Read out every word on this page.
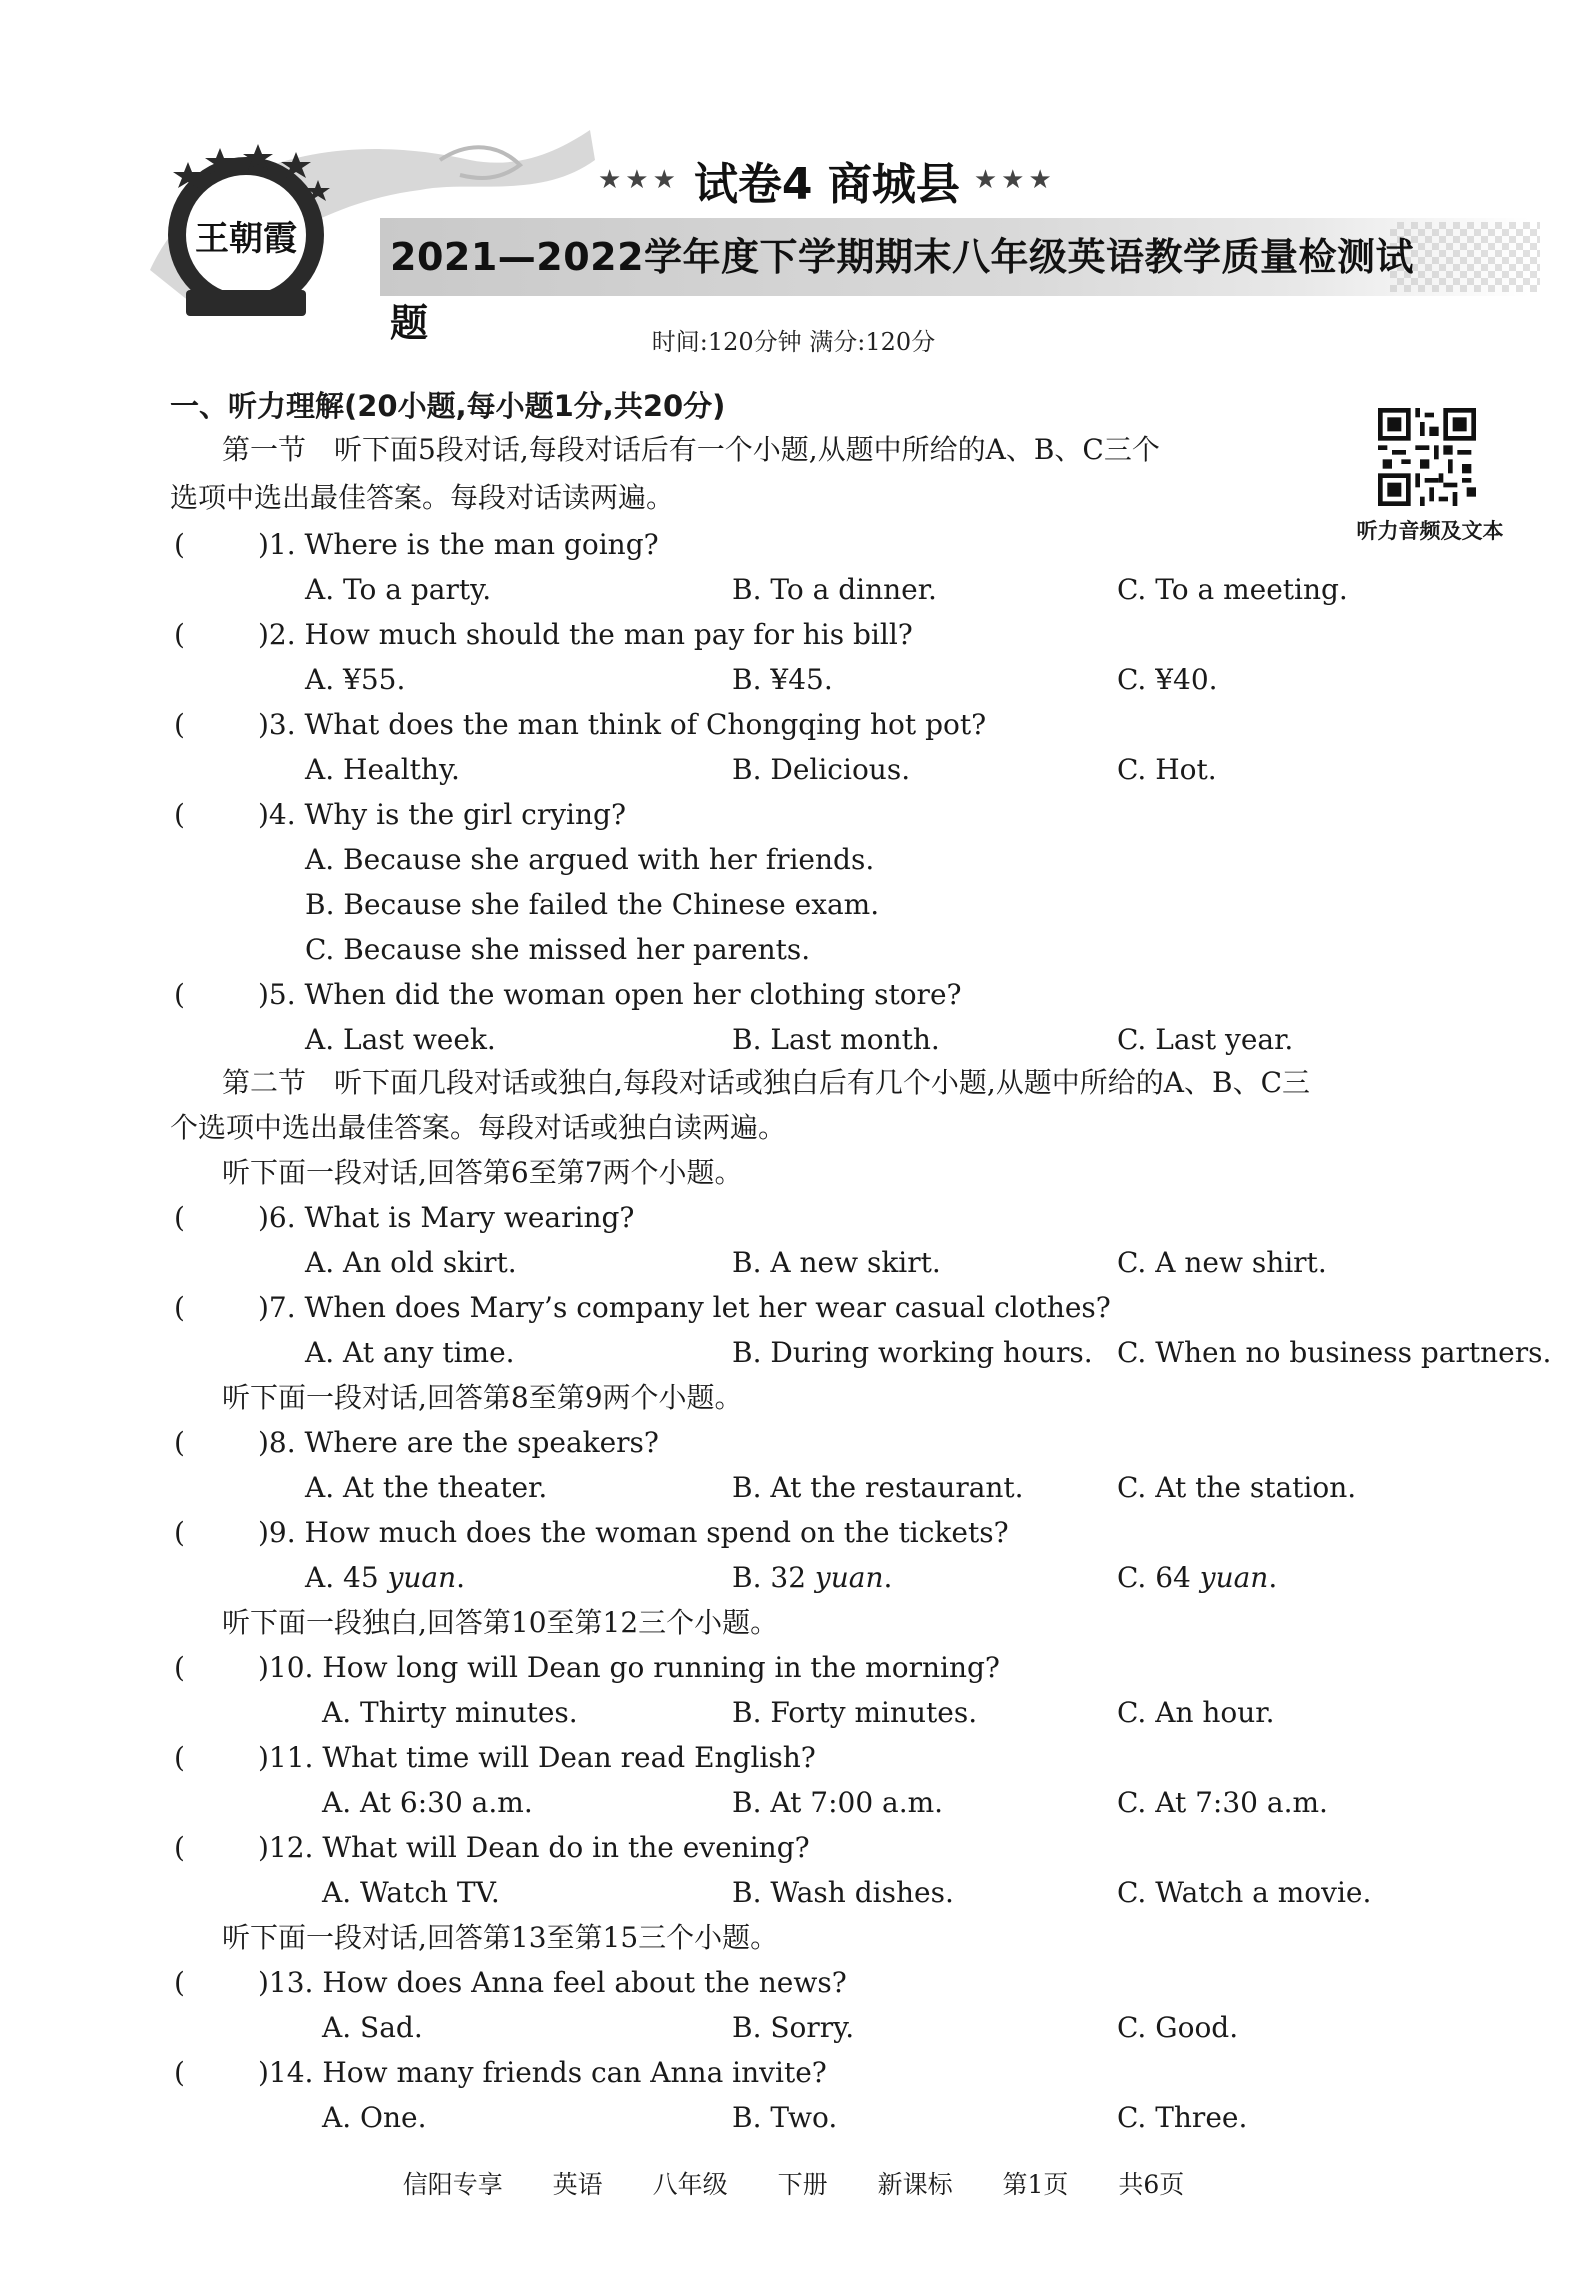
王朝霞
★★★ 试卷4 商城县 ★★★
2021—2022学年度下学期期末八年级英语教学质量检测试题	时间:120分钟 满分:120分
听力音频及文本
一、听力理解(20小题,每小题1分,共20分)
第一节　听下面5段对话,每段对话后有一个小题,从题中所给的A、B、C三个
选项中选出最佳答案。每段对话读两遍。
(	)1. Where is the man going?
A. To a party.	B. To a dinner.	C. To a meeting.
(	)2. How much should the man pay for his bill?
A. ¥55.	B. ¥45.	C. ¥40.
(	)3. What does the man think of Chongqing hot pot?
A. Healthy.	B. Delicious.	C. Hot.
(	)4. Why is the girl crying?
A. Because she argued with her friends.
B. Because she failed the Chinese exam.
C. Because she missed her parents.
(	)5. When did the woman open her clothing store?
A. Last week.	B. Last month.	C. Last year.
第二节　听下面几段对话或独白,每段对话或独白后有几个小题,从题中所给的A、B、C三
个选项中选出最佳答案。每段对话或独白读两遍。
听下面一段对话,回答第6至第7两个小题。
(	)6. What is Mary wearing?
A. An old skirt.	B. A new skirt.	C. A new shirt.
(	)7. When does Mary’s company let her wear casual clothes?
A. At any time.	B. During working hours. C. When no business partners.
听下面一段对话,回答第8至第9两个小题。
(	)8. Where are the speakers?
A. At the theater.	B. At the restaurant.	C. At the station.
(	)9. How much does the woman spend on the tickets?
A. 45 yuan.	B. 32 yuan.	C. 64 yuan.
听下面一段独白,回答第10至第12三个小题。
(	)10. How long will Dean go running in the morning?
A. Thirty minutes.	B. Forty minutes.	C. An hour.
(	)11. What time will Dean read English?
A. At 6:30 a.m.	B. At 7:00 a.m.	C. At 7:30 a.m.
(	)12. What will Dean do in the evening?
A. Watch TV.	B. Wash dishes.	C. Watch a movie.
听下面一段对话,回答第13至第15三个小题。
(	)13. How does Anna feel about the news?
A. Sad.	B. Sorry.	C. Good.
(	)14. How many friends can Anna invite?
A. One.	B. Two.	C. Three.
信阳专享 英语 八年级 下册 新课标 第1页 共6页
